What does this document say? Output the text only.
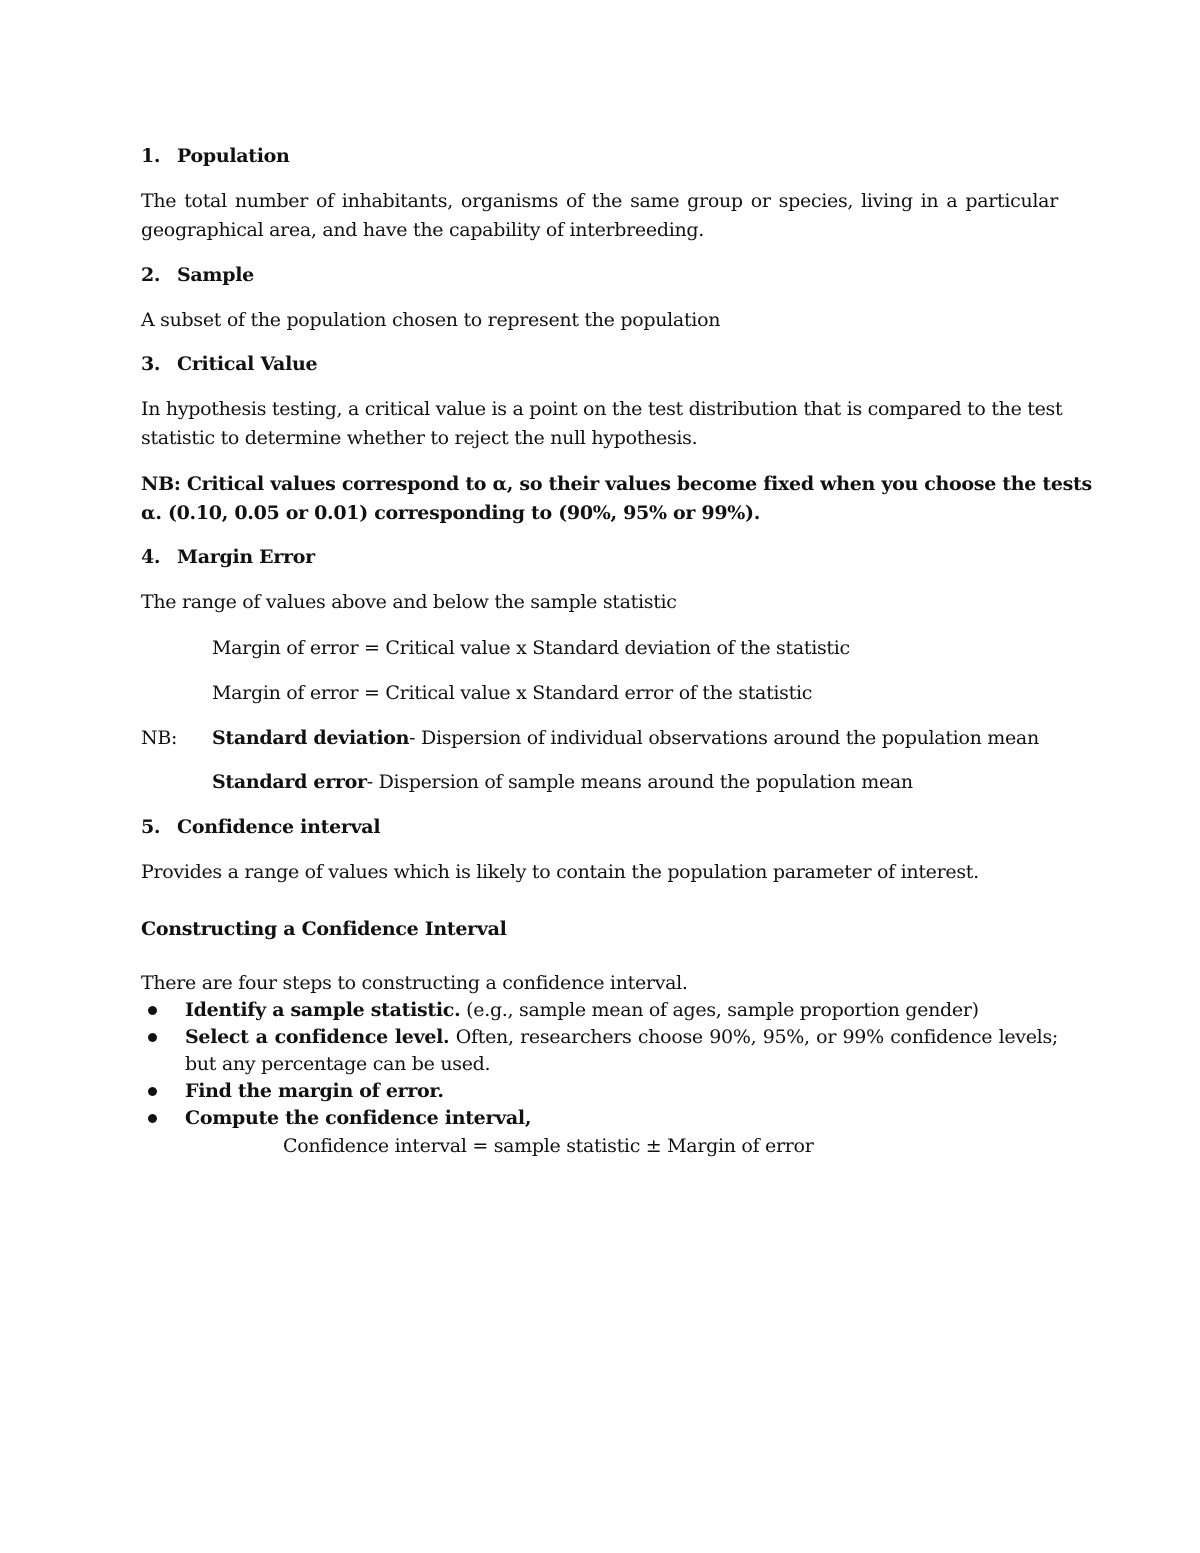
1. Population
The total number of inhabitants, organisms of the same group or species, living in a particular
geographical area, and have the capability of interbreeding.
2. Sample
A subset of the population chosen to represent the population
3. Critical Value
In hypothesis testing, a critical value is a point on the test distribution that is compared to the test
statistic to determine whether to reject the null hypothesis.
NB: Critical values correspond to α, so their values become fixed when you choose the tests
α. (0.10, 0.05 or 0.01) corresponding to (90%, 95% or 99%).
4. Margin Error
The range of values above and below the sample statistic
Margin of error = Critical value x Standard deviation of the statistic
Margin of error = Critical value x Standard error of the statistic
NB: Standard deviation- Dispersion of individual observations around the population mean
Standard error- Dispersion of sample means around the population mean
5. Confidence interval
Provides a range of values which is likely to contain the population parameter of interest.
Constructing a Confidence Interval
There are four steps to constructing a confidence interval.
Identify a sample statistic. (e.g., sample mean of ages, sample proportion gender)
Select a confidence level. Often, researchers choose 90%, 95%, or 99% confidence levels;
but any percentage can be used.
Find the margin of error.
Compute the confidence interval,
Confidence interval = sample statistic ± Margin of error
